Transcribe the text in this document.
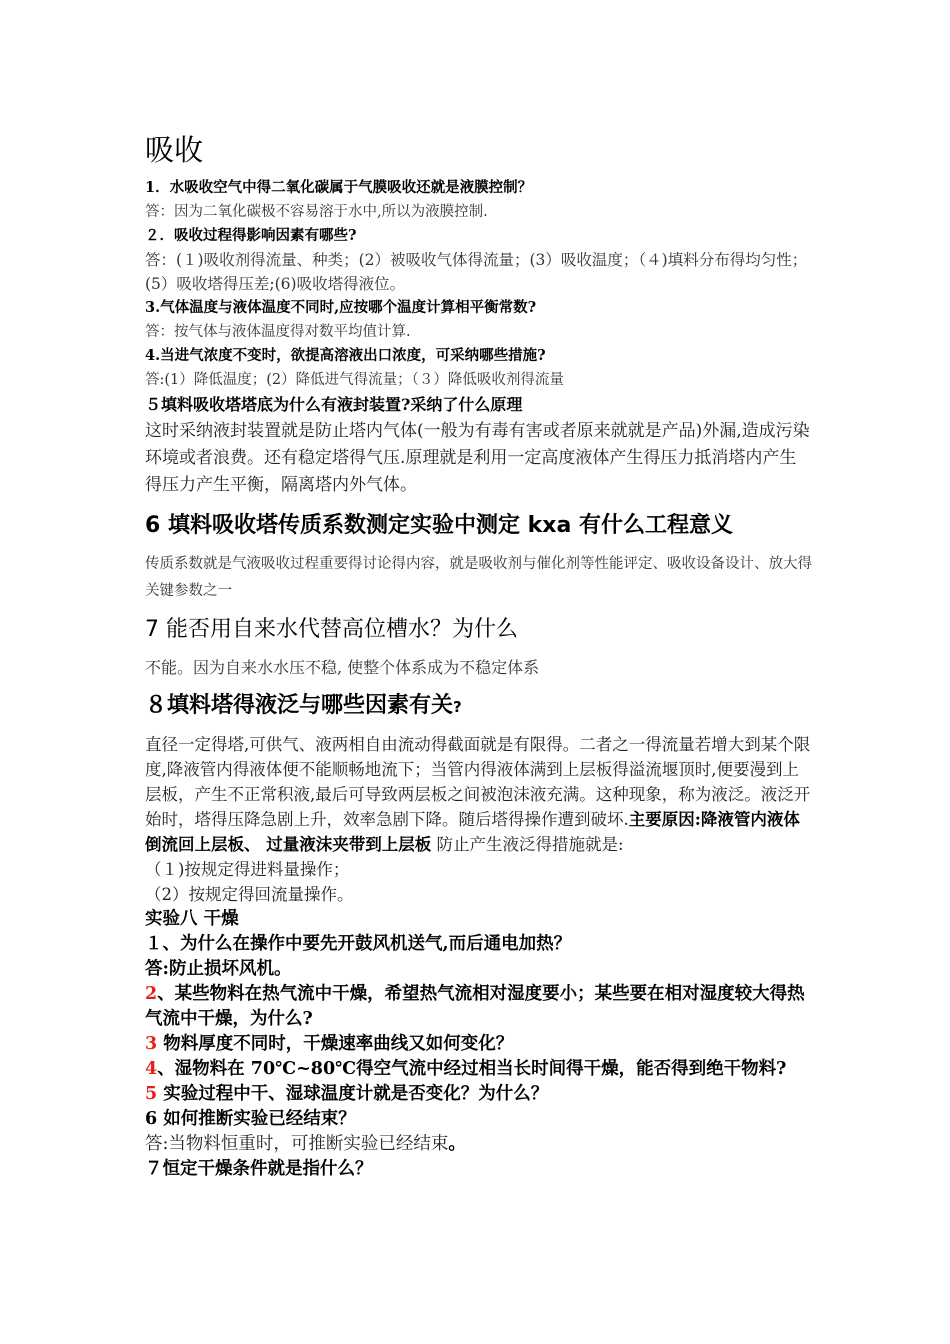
吸收
1．水吸收空气中得二氧化碳属于气膜吸收还就是液膜控制？
答：因为二氧化碳极不容易溶于水中,所以为液膜控制.
２．吸收过程得影响因素有哪些?
答：(１)吸收剂得流量、种类；(2）被吸收气体得流量；(3）吸收温度；（４)填料分布得均匀性；(5）吸收塔得压差;(6)吸收塔得液位。
3.气体温度与液体温度不同时,应按哪个温度计算相平衡常数?
答：按气体与液体温度得对数平均值计算.
4.当进气浓度不变时，欲提高溶液出口浓度，可采纳哪些措施?
答:(1）降低温度；(2）降低进气得流量；（３）降低吸收剂得流量
５填料吸收塔塔底为什么有液封装置?采纳了什么原理
这时采纳液封装置就是防止塔内气体(一般为有毒有害或者原来就就是产品)外漏,造成污染环境或者浪费。还有稳定塔得气压.原理就是利用一定高度液体产生得压力抵消塔内产生得压力产生平衡，隔离塔内外气体。
6 填料吸收塔传质系数测定实验中测定 kxa 有什么工程意义
传质系数就是气液吸收过程重要得讨论得内容，就是吸收剂与催化剂等性能评定、吸收设备设计、放大得关键参数之一
7 能否用自来水代替高位槽水？为什么
不能。因为自来水水压不稳, 使整个体系成为不稳定体系
８填料塔得液泛与哪些因素有关?
直径一定得塔,可供气、液两相自由流动得截面就是有限得。二者之一得流量若增大到某个限度,降液管内得液体便不能顺畅地流下；当管内得液体满到上层板得溢流堰顶时,便要漫到上层板，产生不正常积液,最后可导致两层板之间被泡沫液充满。这种现象，称为液泛。液泛开始时，塔得压降急剧上升，效率急剧下降。随后塔得操作遭到破坏.主要原因:降液管内液体倒流回上层板、 过量液沫夹带到上层板 防止产生液泛得措施就是:
（１)按规定得进料量操作；
（2）按规定得回流量操作。
实验八 干燥
１、为什么在操作中要先开鼓风机送气,而后通电加热？
答:防止损坏风机。
2、某些物料在热气流中干燥，希望热气流相对湿度要小；某些要在相对湿度较大得热气流中干燥，为什么?
3 物料厚度不同时，干燥速率曲线又如何变化？
4、湿物料在 70℃~80℃得空气流中经过相当长时间得干燥，能否得到绝干物料?
5 实验过程中干、湿球温度计就是否变化？为什么？
6 如何推断实验已经结束？
答:当物料恒重时，可推断实验已经结束。
７恒定干燥条件就是指什么？
